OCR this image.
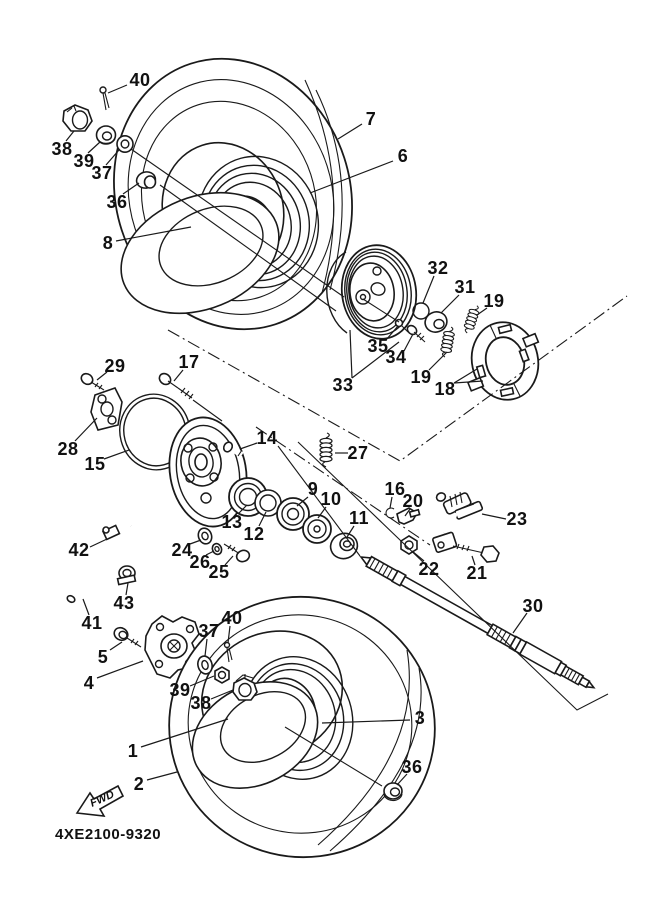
FWD
4XE2100-9320
40
38
39
37
36
8
7
6
32
31
19
35
34
33	19
18
29	17
28
15
14
27
13
12
9 10
11
16
20
23
22 21
30
42
43
41
24
26
25
5
4
37
40
39
38
1
2
3
36
